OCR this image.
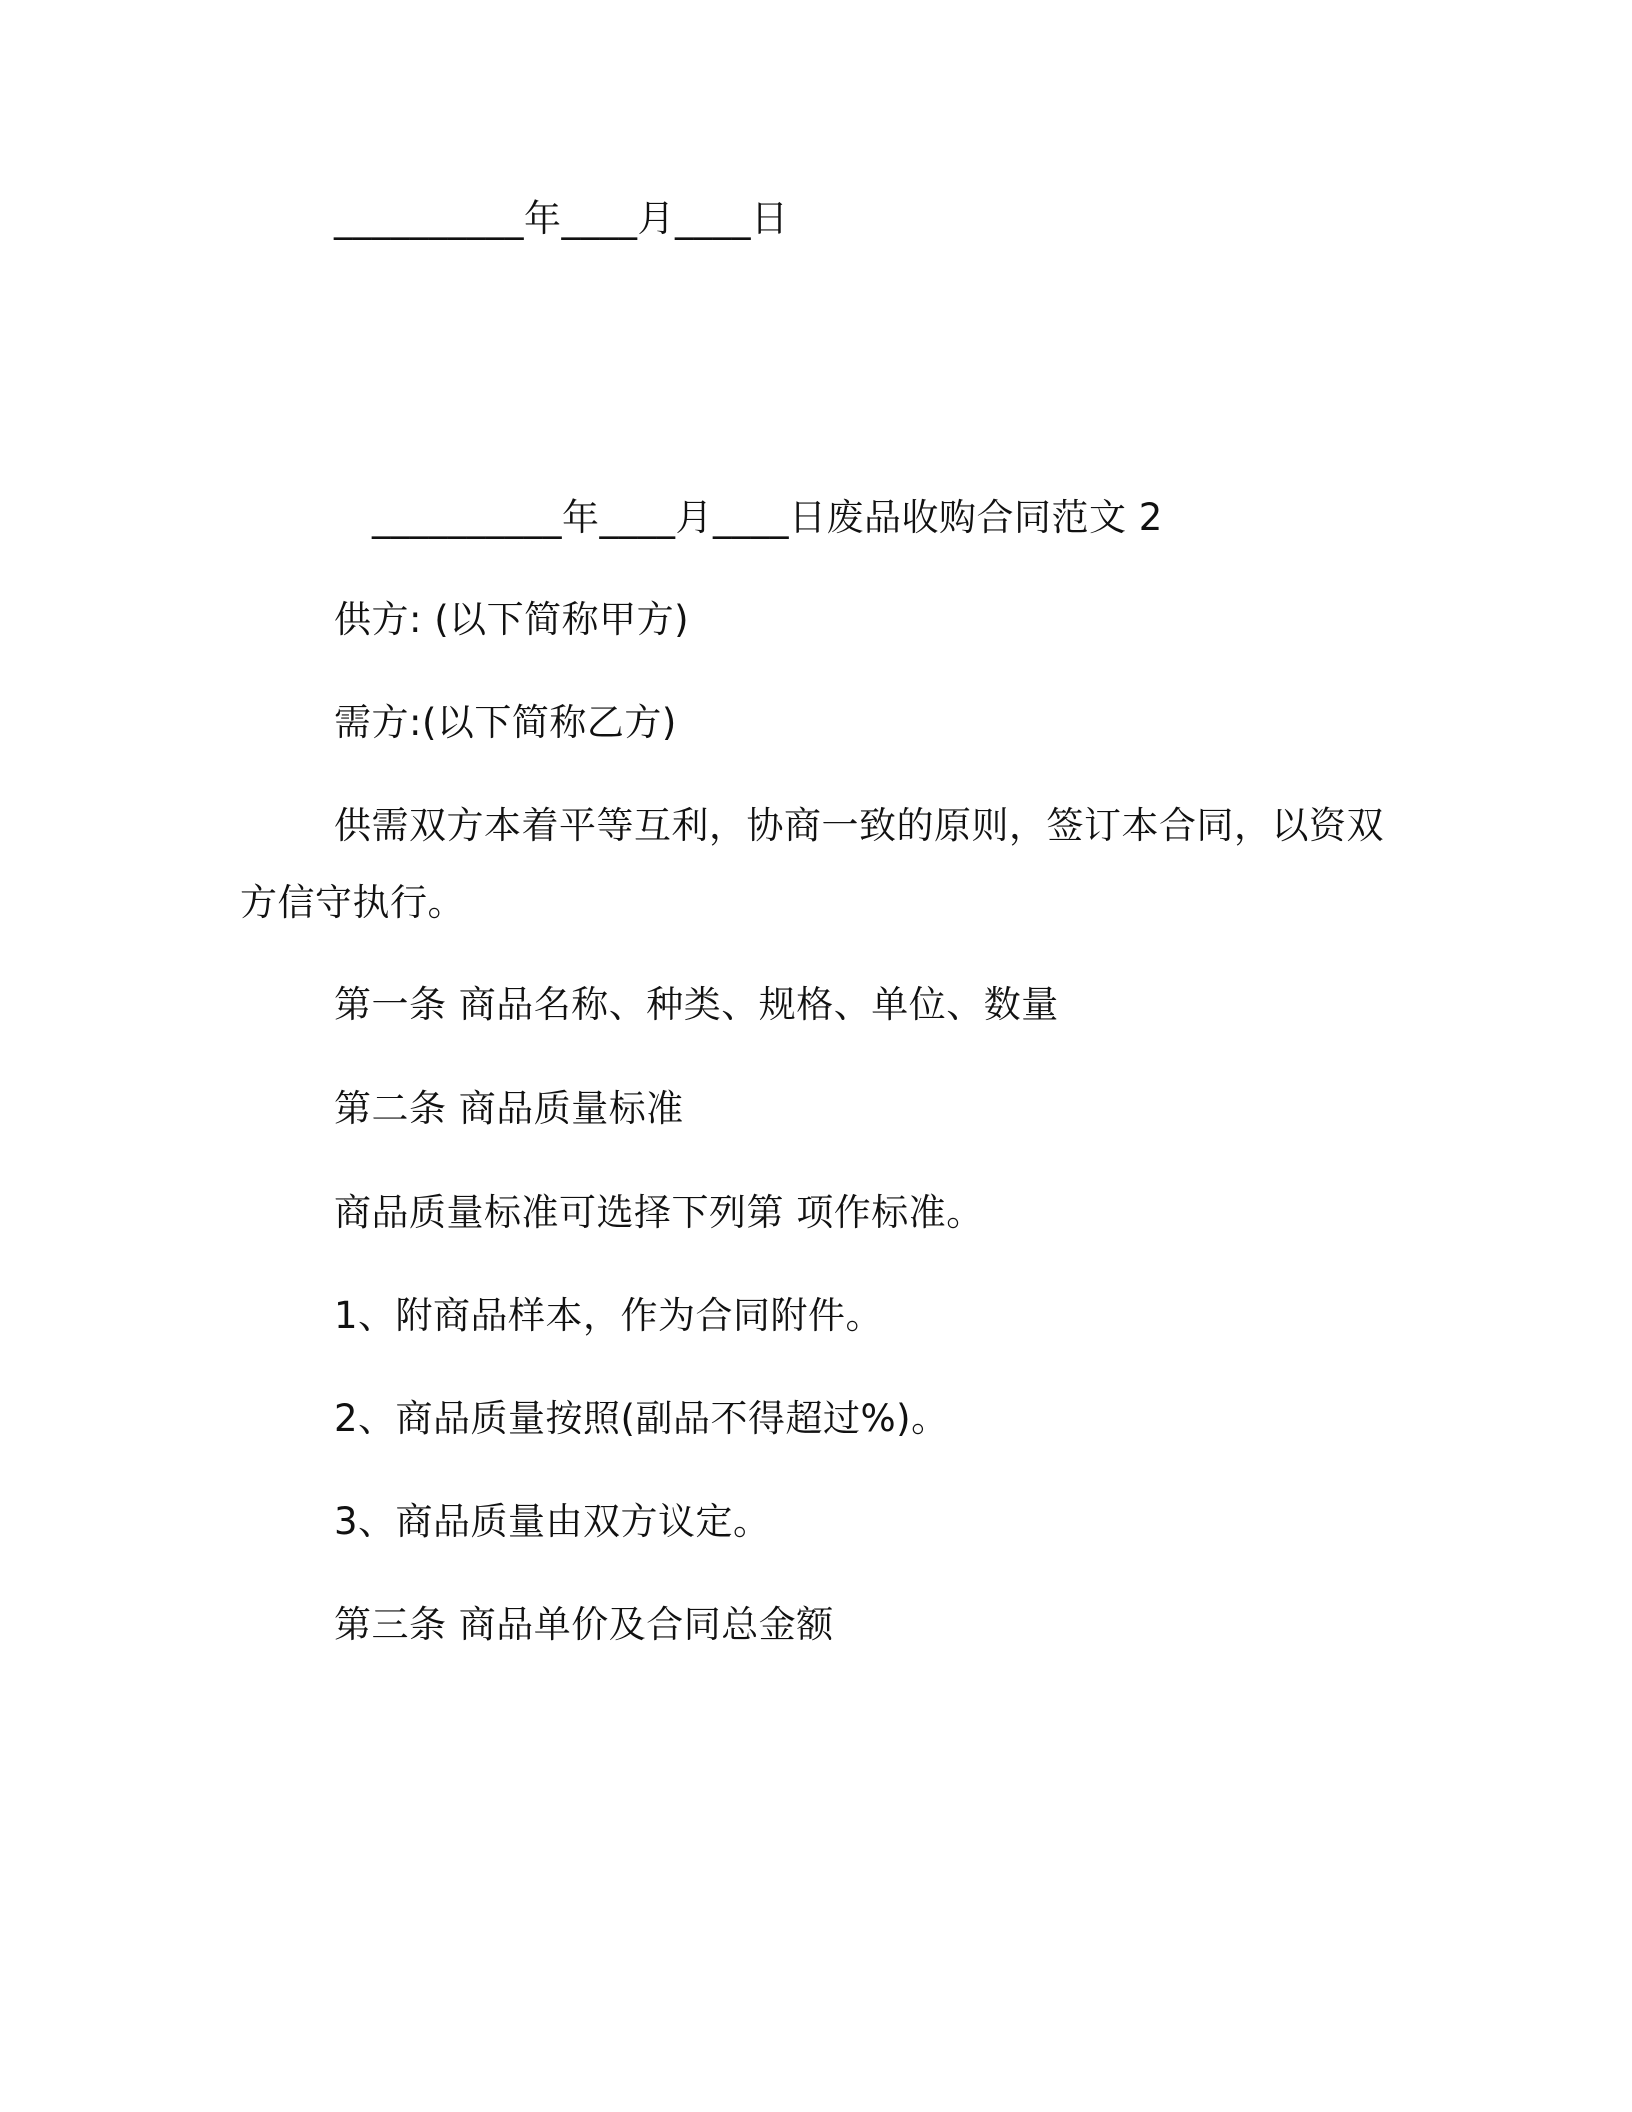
__________年____月____日
__________年____月____日废品收购合同范文 2
供方: (以下简称甲方)
需方:(以下简称乙方)
供需双方本着平等互利，协商一致的原则，签订本合同，以资双
方信守执行。
第一条 商品名称、种类、规格、单位、数量
第二条 商品质量标准
商品质量标准可选择下列第 项作标准。
1、附商品样本，作为合同附件。
2、商品质量按照(副品不得超过%)。
3、商品质量由双方议定。
第三条 商品单价及合同总金额
